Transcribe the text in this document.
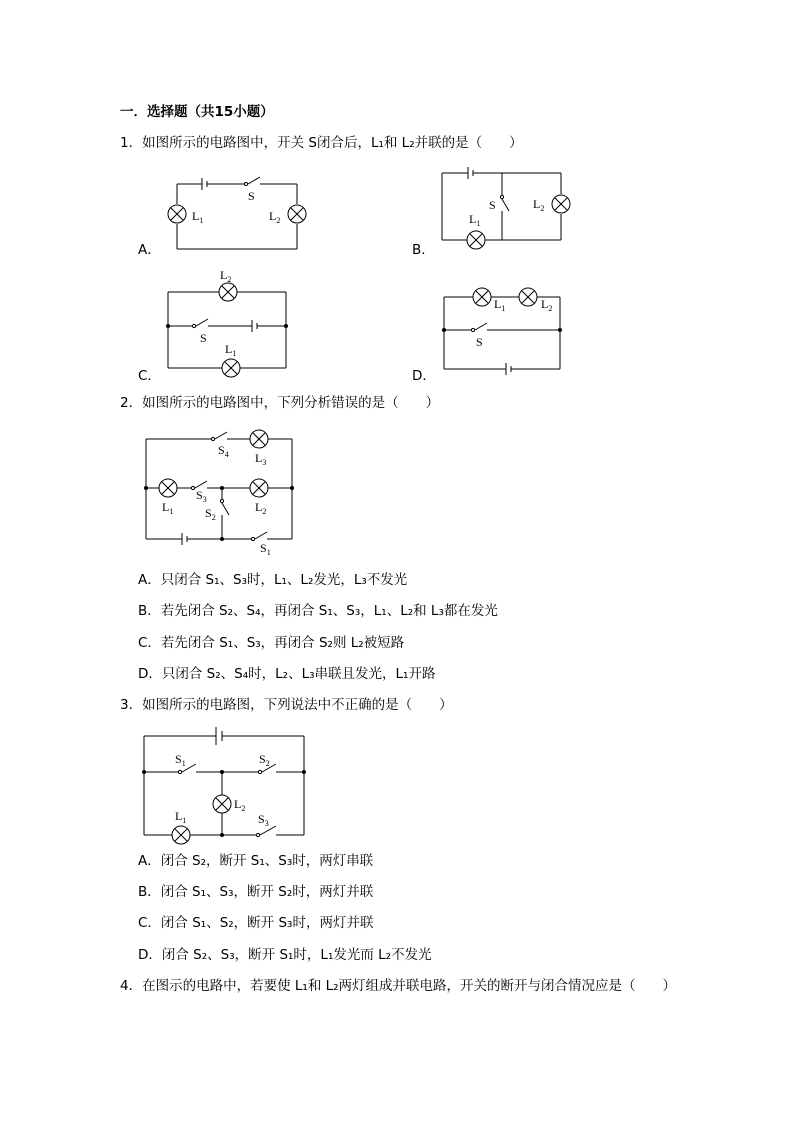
一．选择题（共15小题）
1．如图所示的电路图中，开关 S闭合后，L₁和 L₂并联的是（　　）
S
$L_1$	$L_2$
A．
S	$L_2$
$L_1$
B．
$L_2$
S
$L_1$
C．
$L_1$	$L_2$
S
D．
2．如图所示的电路图中，下列分析错误的是（　　）
$S_4$ $L_3$
$L_1$
$S_3$
$S_2$
$L_2$
$S_1$
A．只闭合 S₁、S₃时，L₁、L₂发光，L₃不发光
B．若先闭合 S₂、S₄，再闭合 S₁、S₃，L₁、L₂和 L₃都在发光
C．若先闭合 S₁、S₃，再闭合 S₂则 L₂被短路
D．只闭合 S₂、S₄时，L₂、L₃串联且发光，L₁开路
3．如图所示的电路图，下列说法中不正确的是（　　）
$S_1$	$S_2$
$L_2$
$L_1$	$S_3$
A．闭合 S₂，断开 S₁、S₃时，两灯串联
B．闭合 S₁、S₃，断开 S₂时，两灯并联
C．闭合 S₁、S₂，断开 S₃时，两灯并联
D．闭合 S₂、S₃，断开 S₁时，L₁发光而 L₂不发光
4．在图示的电路中，若要使 L₁和 L₂两灯组成并联电路，开关的断开与闭合情况应是（　　）
